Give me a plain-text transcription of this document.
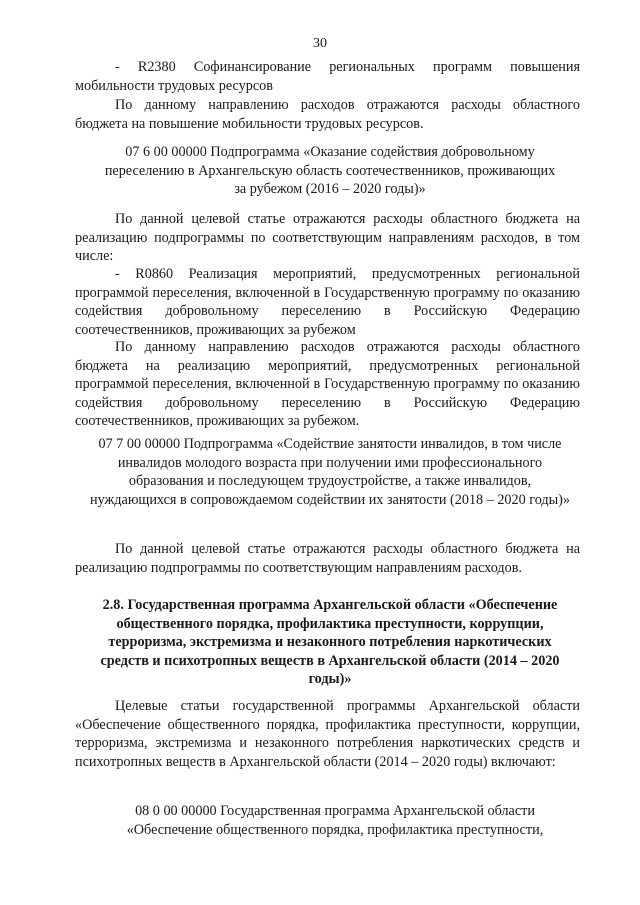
30

- R2380 Софинансирование региональных программ повышения мобильности трудовых ресурсов

По данному направлению расходов отражаются расходы областного бюджета на повышение мобильности трудовых ресурсов.

07 6 00 00000 Подпрограмма «Оказание содействия добровольному переселению в Архангельскую область соотечественников, проживающих за рубежом (2016 – 2020 годы)»

По данной целевой статье отражаются расходы областного бюджета на реализацию подпрограммы по соответствующим направлениям расходов, в том числе:

- R0860 Реализация мероприятий, предусмотренных региональной программой переселения, включенной в Государственную программу по оказанию содействия добровольному переселению в Российскую Федерацию соотечественников, проживающих за рубежом

По данному направлению расходов отражаются расходы областного бюджета на реализацию мероприятий, предусмотренных региональной программой переселения, включенной в Государственную программу по оказанию содействия добровольному переселению в Российскую Федерацию соотечественников, проживающих за рубежом.

07 7 00 00000 Подпрограмма «Содействие занятости инвалидов, в том числе инвалидов молодого возраста при получении ими профессионального образования и последующем трудоустройстве, а также инвалидов, нуждающихся в сопровождаемом содействии их занятости (2018 – 2020 годы)»

По данной целевой статье отражаются расходы областного бюджета на реализацию подпрограммы по соответствующим направлениям расходов.

2.8. Государственная программа Архангельской области «Обеспечение общественного порядка, профилактика преступности, коррупции, терроризма, экстремизма и незаконного потребления наркотических средств и психотропных веществ в Архангельской области (2014 – 2020 годы)»

Целевые статьи государственной программы Архангельской области «Обеспечение общественного порядка, профилактика преступности, коррупции, терроризма, экстремизма и незаконного потребления наркотических средств и психотропных веществ в Архангельской области (2014 – 2020 годы) включают:

08 0 00 00000 Государственная программа Архангельской области «Обеспечение общественного порядка, профилактика преступности,
